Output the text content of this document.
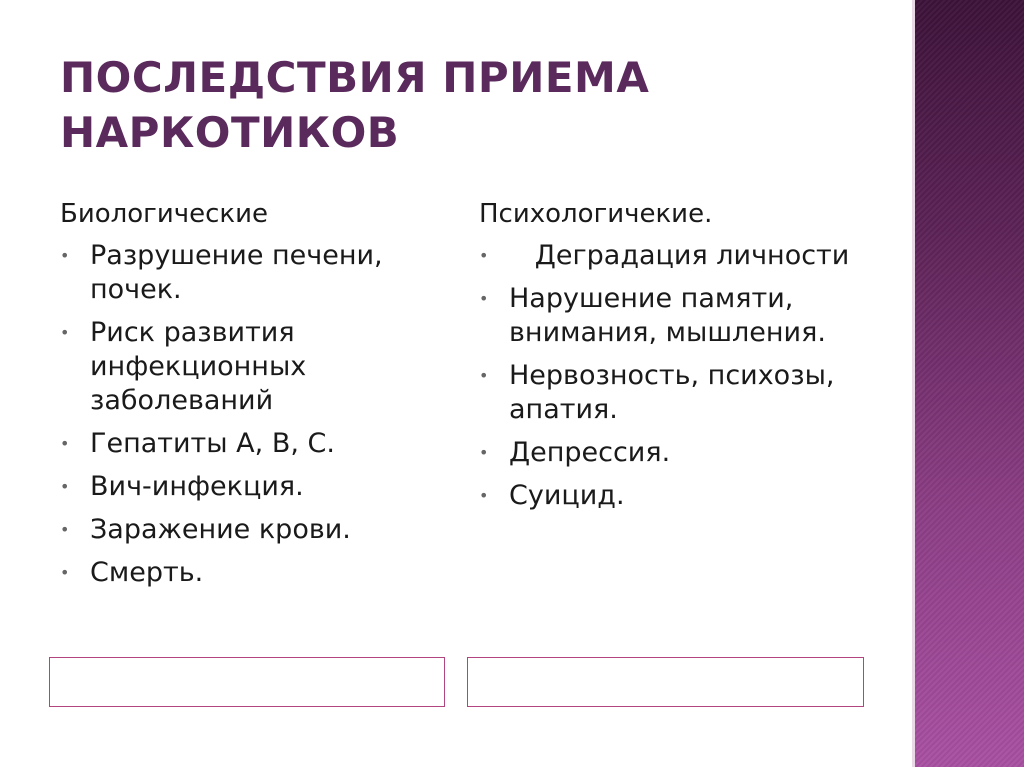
ПОСЛЕДСТВИЯ ПРИЕМА
НАРКОТИКОВ
Биологические
• Разрушение печени, почек.
• Риск развития инфекционных заболеваний
• Гепатиты А, В, С.
• Вич-инфекция.
• Заражение крови.
• Смерть.
Психологичекие.
• Деградация личности
• Нарушение памяти, внимания, мышления.
• Нервозность, психозы, апатия.
• Депрессия.
• Суицид.
